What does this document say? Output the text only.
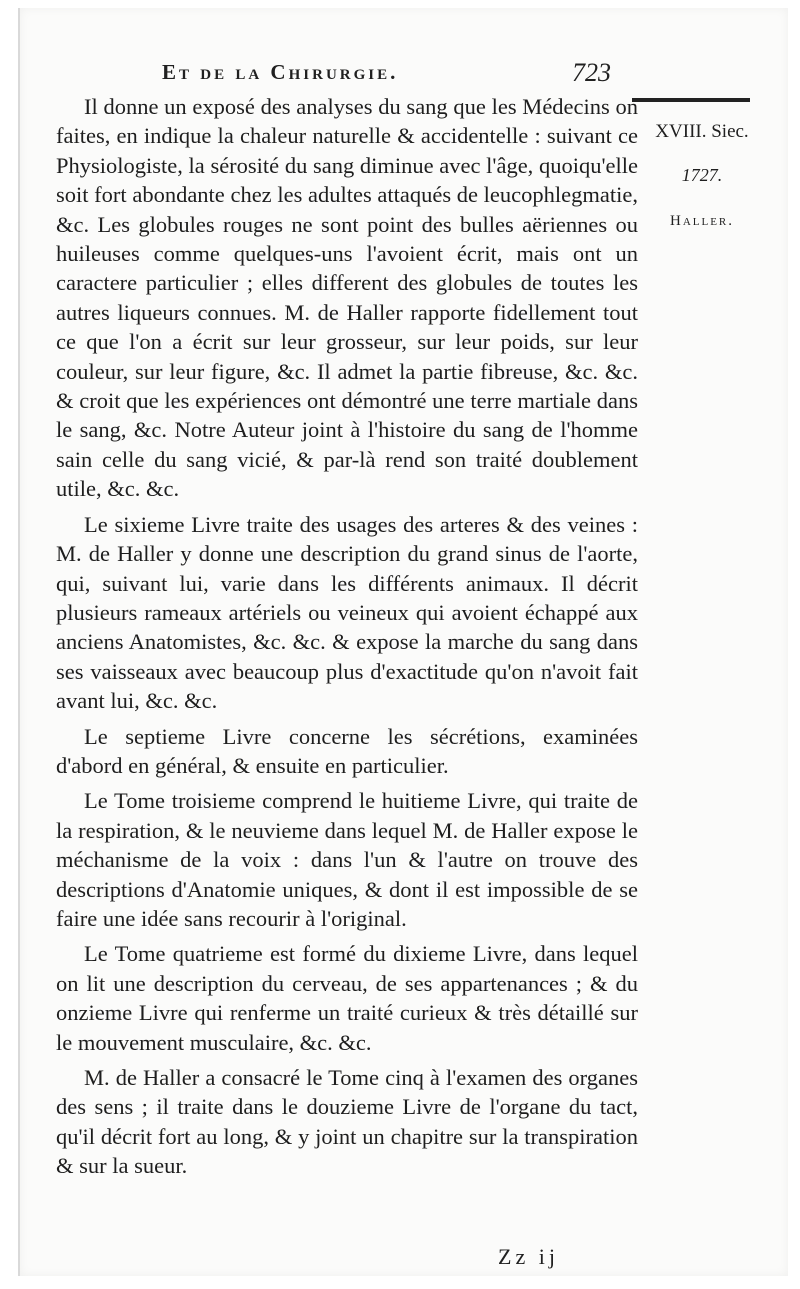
Et de la Chirurgie.	723
XVIII. Siec.
1727.
Haller.

Il donne un exposé des analyses du sang que les Médecins on faites, en indique la chaleur naturelle & accidentelle : suivant ce Physiologiste, la sérosité du sang diminue avec l'âge, quoiqu'elle soit fort abondante chez les adultes attaqués de leucophlegmatie, &c. Les globules rouges ne sont point des bulles aëriennes ou huileuses comme quelques-uns l'avoient écrit, mais ont un caractere particulier ; elles different des globules de toutes les autres liqueurs connues. M. de Haller rapporte fidellement tout ce que l'on a écrit sur leur grosseur, sur leur poids, sur leur couleur, sur leur figure, &c. Il admet la partie fibreuse, &c. &c. & croit que les expériences ont démontré une terre martiale dans le sang, &c. Notre Auteur joint à l'histoire du sang de l'homme sain celle du sang vicié, & par-là rend son traité doublement utile, &c. &c.

Le sixieme Livre traite des usages des arteres & des veines : M. de Haller y donne une description du grand sinus de l'aorte, qui, suivant lui, varie dans les différents animaux. Il décrit plusieurs rameaux artériels ou veineux qui avoient échappé aux anciens Anatomistes, &c. &c. & expose la marche du sang dans ses vaisseaux avec beaucoup plus d'exactitude qu'on n'avoit fait avant lui, &c. &c.

Le septieme Livre concerne les sécrétions, examinées d'abord en général, & ensuite en particulier.

Le Tome troisieme comprend le huitieme Livre, qui traite de la respiration, & le neuvieme dans lequel M. de Haller expose le méchanisme de la voix : dans l'un & l'autre on trouve des descriptions d'Anatomie uniques, & dont il est impossible de se faire une idée sans recourir à l'original.

Le Tome quatrieme est formé du dixieme Livre, dans lequel on lit une description du cerveau, de ses appartenances ; & du onzieme Livre qui renferme un traité curieux & très détaillé sur le mouvement musculaire, &c. &c.

M. de Haller a consacré le Tome cinq à l'examen des organes des sens ; il traite dans le douzieme Livre de l'organe du tact, qu'il décrit fort au long, & y joint un chapitre sur la transpiration & sur la sueur.

Zz ij
